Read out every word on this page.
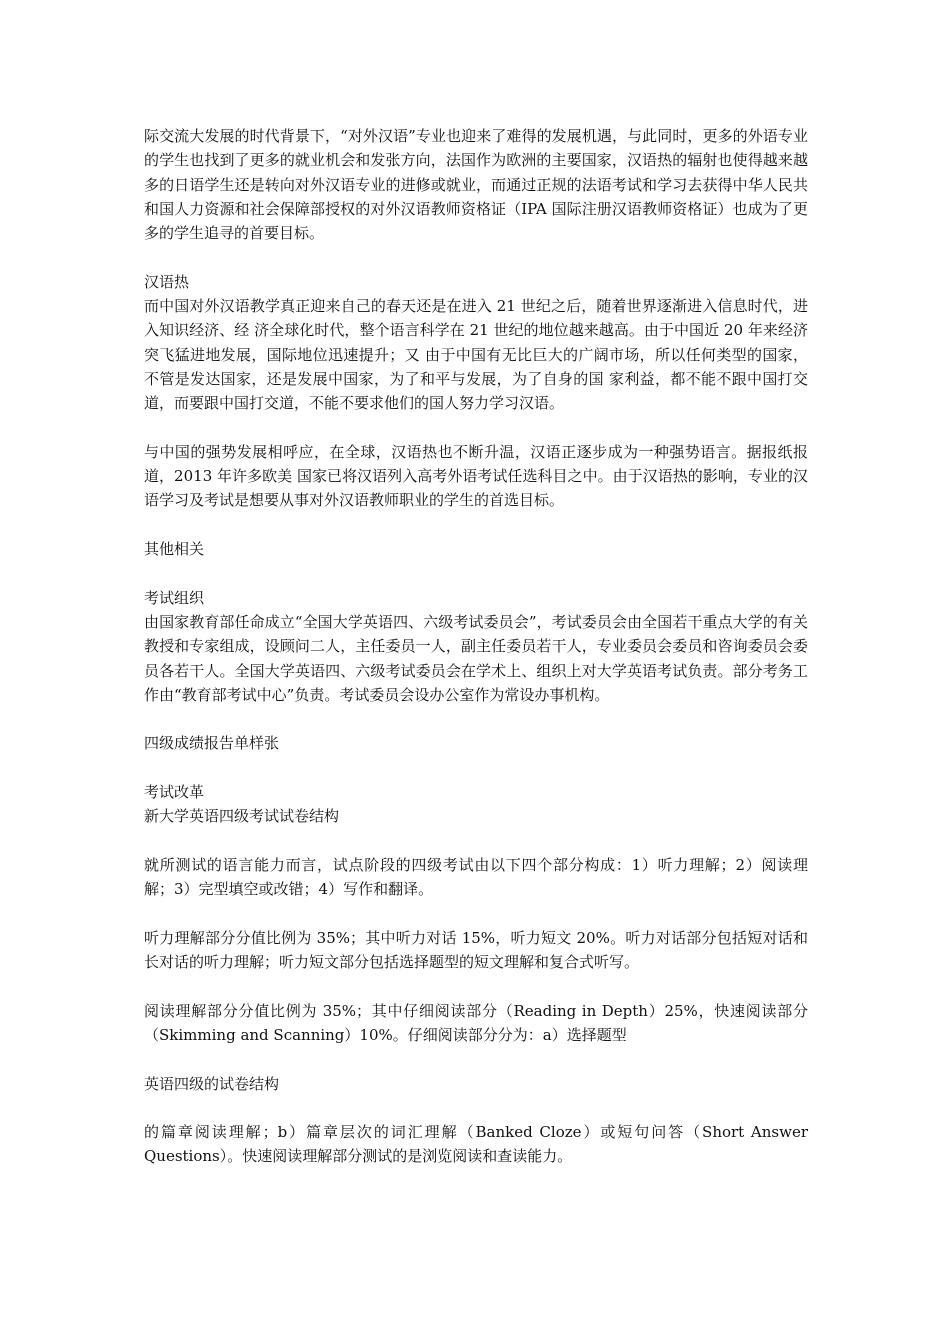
际交流大发展的时代背景下，“对外汉语”专业也迎来了难得的发展机遇，与此同时，更多的外语专业的学生也找到了更多的就业机会和发张方向，法国作为欧洲的主要国家，汉语热的辐射也使得越来越多的日语学生还是转向对外汉语专业的进修或就业，而通过正规的法语考试和学习去获得中华人民共和国人力资源和社会保障部授权的对外汉语教师资格证（IPA 国际注册汉语教师资格证）也成为了更多的学生追寻的首要目标。

汉语热

而中国对外汉语教学真正迎来自己的春天还是在进入 21 世纪之后，随着世界逐渐进入信息时代，进入知识经济、经 济全球化时代，整个语言科学在 21 世纪的地位越来越高。由于中国近 20 年来经济突飞猛进地发展，国际地位迅速提升；又 由于中国有无比巨大的广阔市场，所以任何类型的国家，不管是发达国家，还是发展中国家，为了和平与发展，为了自身的国 家利益，都不能不跟中国打交道，而要跟中国打交道，不能不要求他们的国人努力学习汉语。

与中国的强势发展相呼应，在全球，汉语热也不断升温，汉语正逐步成为一种强势语言。据报纸报道，2013 年许多欧美 国家已将汉语列入高考外语考试任选科目之中。由于汉语热的影响，专业的汉语学习及考试是想要从事对外汉语教师职业的学生的首选目标。

其他相关

考试组织

由国家教育部任命成立“全国大学英语四、六级考试委员会”，考试委员会由全国若干重点大学的有关教授和专家组成，设顾问二人，主任委员一人，副主任委员若干人，专业委员会委员和咨询委员会委员各若干人。全国大学英语四、六级考试委员会在学术上、组织上对大学英语考试负责。部分考务工作由“教育部考试中心”负责。考试委员会设办公室作为常设办事机构。

四级成绩报告单样张

考试改革

新大学英语四级考试试卷结构

就所测试的语言能力而言，试点阶段的四级考试由以下四个部分构成：1）听力理解；2）阅读理解；3）完型填空或改错；4）写作和翻译。

听力理解部分分值比例为 35%；其中听力对话 15%，听力短文 20%。听力对话部分包括短对话和长对话的听力理解；听力短文部分包括选择题型的短文理解和复合式听写。

阅读理解部分分值比例为 35%；其中仔细阅读部分（Reading in Depth）25%，快速阅读部分（Skimming and Scanning）10%。仔细阅读部分分为：a）选择题型

英语四级的试卷结构

的篇章阅读理解；b）篇章层次的词汇理解（Banked Cloze）或短句问答（Short Answer Questions）。快速阅读理解部分测试的是浏览阅读和查读能力。
